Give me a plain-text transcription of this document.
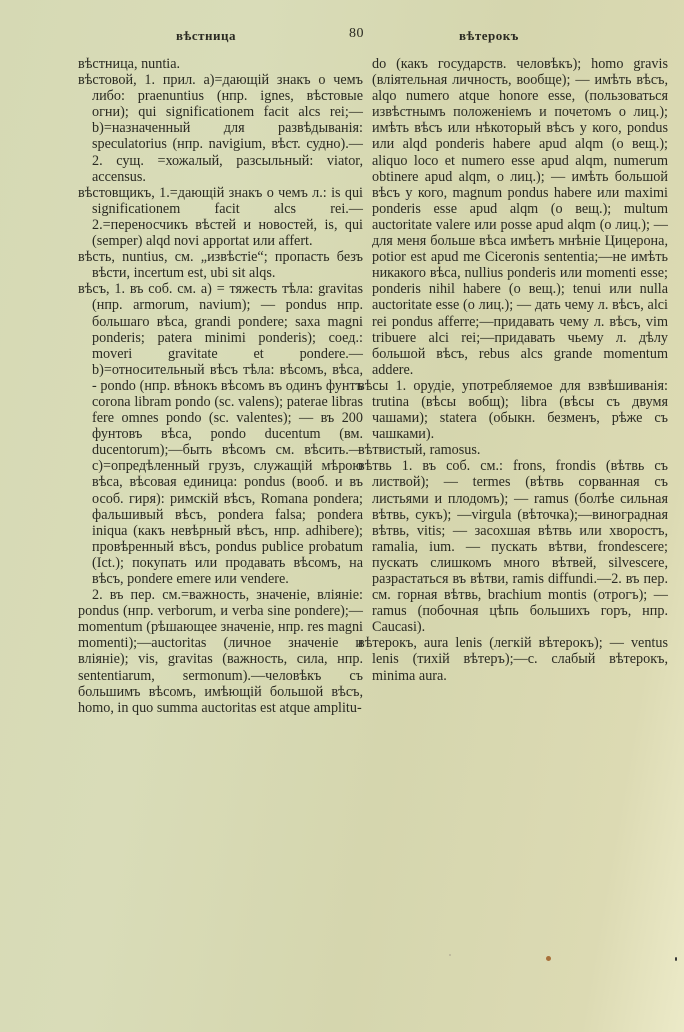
вѣстница	80	вѣтерокъ

вѣстница, nuntia.

вѣстовой, 1. прил. а)=дающій знакъ о чемъ либо: praenuntius (нпр. ignes, вѣстовые огни); qui significationem facit alcs rei;—b)=назначенный для развѣдыванія: speculatorius (нпр. navigium, вѣст. судно).— 2. сущ. =хожалый, разсыльный: viator, accensus.

вѣстовщикъ, 1.=дающій знакъ о чемъ л.: is qui significationem facit alcs rei.—2.=переносчикъ вѣстей и новостей, is, qui (semper) alqd novi apportat или affert.

вѣсть, nuntius, см. „извѣстіе“; пропасть безъ вѣсти, incertum est, ubi sit alqs.

вѣсъ, 1. въ соб. см. а) = тяжесть тѣла: gravitas (нпр. armorum, navium); — pondus нпр. большаго вѣса, grandi pondere; saxa magni ponderis; patera minimi ponderis); соед.: moveri gravitate et pondere.—b)=относительный вѣсъ тѣла: вѣсомъ, вѣса, - pondo (нпр. вѣнокъ вѣсомъ въ одинъ фунтъ corona libram pondo (sc. valens); paterae libras fere omnes pondo (sc. valentes); — въ 200 фунтовъ вѣса, pondo ducentum (вм. ducentorum);—быть вѣсомъ см. вѣсить.—c)=опредѣленный грузъ, служащій мѣрою вѣса, вѣсовая единица: pondus (вооб. и въ особ. гиря): римскій вѣсъ, Romana pondera; фальшивый вѣсъ, pondera falsa; pondera iniqua (какъ невѣрный вѣсъ, нпр. adhibere); провѣренный вѣсъ, pondus publice probatum (Ict.); покупать или продавать вѣсомъ, на вѣсъ, pondere emere или vendere.

2. въ пер. см.=важность, значеніе, вліяніе: pondus (нпр. verborum, и verba sine pondere);—momentum (рѣшающее значеніе, нпр. res magni momenti);—auctoritas (личное значеніе и вліяніе); vis, gravitas (важность, сила, нпр. sententiarum, sermonum).—человѣкъ съ большимъ вѣсомъ, имѣющій большой вѣсъ, homo, in quo summa auctoritas est atque amplitu-

do (какъ государств. человѣкъ); homo gravis (вліятельная личность, вообще); — имѣть вѣсъ, alqo numero atque honore esse, (пользоваться извѣстнымъ положеніемъ и почетомъ о лиц.); имѣть вѣсъ или нѣкоторый вѣсъ у кого, pondus или alqd ponderis habere apud alqm (о вещ.); aliquo loco et numero esse apud alqm, numerum obtinere apud alqm, о лиц.); — имѣть большой вѣсъ у кого, magnum pondus habere или maximi ponderis esse apud alqm (о вещ.); multum auctoritate valere или posse apud alqm (о лиц.); — для меня больше вѣса имѣетъ мнѣніе Цицерона, potior est apud me Ciceronis sententia;—не имѣть никакого вѣса, nullius ponderis или momenti esse; ponderis nihil habere (о вещ.); tenui или nulla auctoritate esse (о лиц.); — дать чему л. вѣсъ, alci rei pondus afferre;—придавать чему л. вѣсъ, vim tribuere alci rei;—придавать чьему л. дѣлу большой вѣсъ, rebus alcs grande momentum addere.

вѣсы 1. орудіе, употребляемое для взвѣшиванія: trutina (вѣсы вобщ); libra (вѣсы съ двумя чашами); statera (обыкн. безменъ, рѣже съ чашками).

вѣтвистый, ramosus.

вѣтвь 1. въ соб. см.: frons, frondis (вѣтвь съ листвой); — termes (вѣтвь сорванная съ листьями и плодомъ); — ramus (болѣе сильная вѣтвь, сукъ); —virgula (вѣточка);—виноградная вѣтвь, vitis; — засохшая вѣтвь или хворостъ, ramalia, ium. — пускать вѣтви, frondescere; пускать слишкомъ много вѣтвей, silvescere, разрастаться въ вѣтви, ramis diffundi.—2. въ пер. см. горная вѣтвь, brachium montis (отрогъ); — ramus (побочная цѣпь большихъ горъ, нпр. Caucasi).

вѣтерокъ, aura lenis (легкій вѣтерокъ); — ventus lenis (тихій вѣтеръ);—с. слабый вѣтерокъ, minima aura.
